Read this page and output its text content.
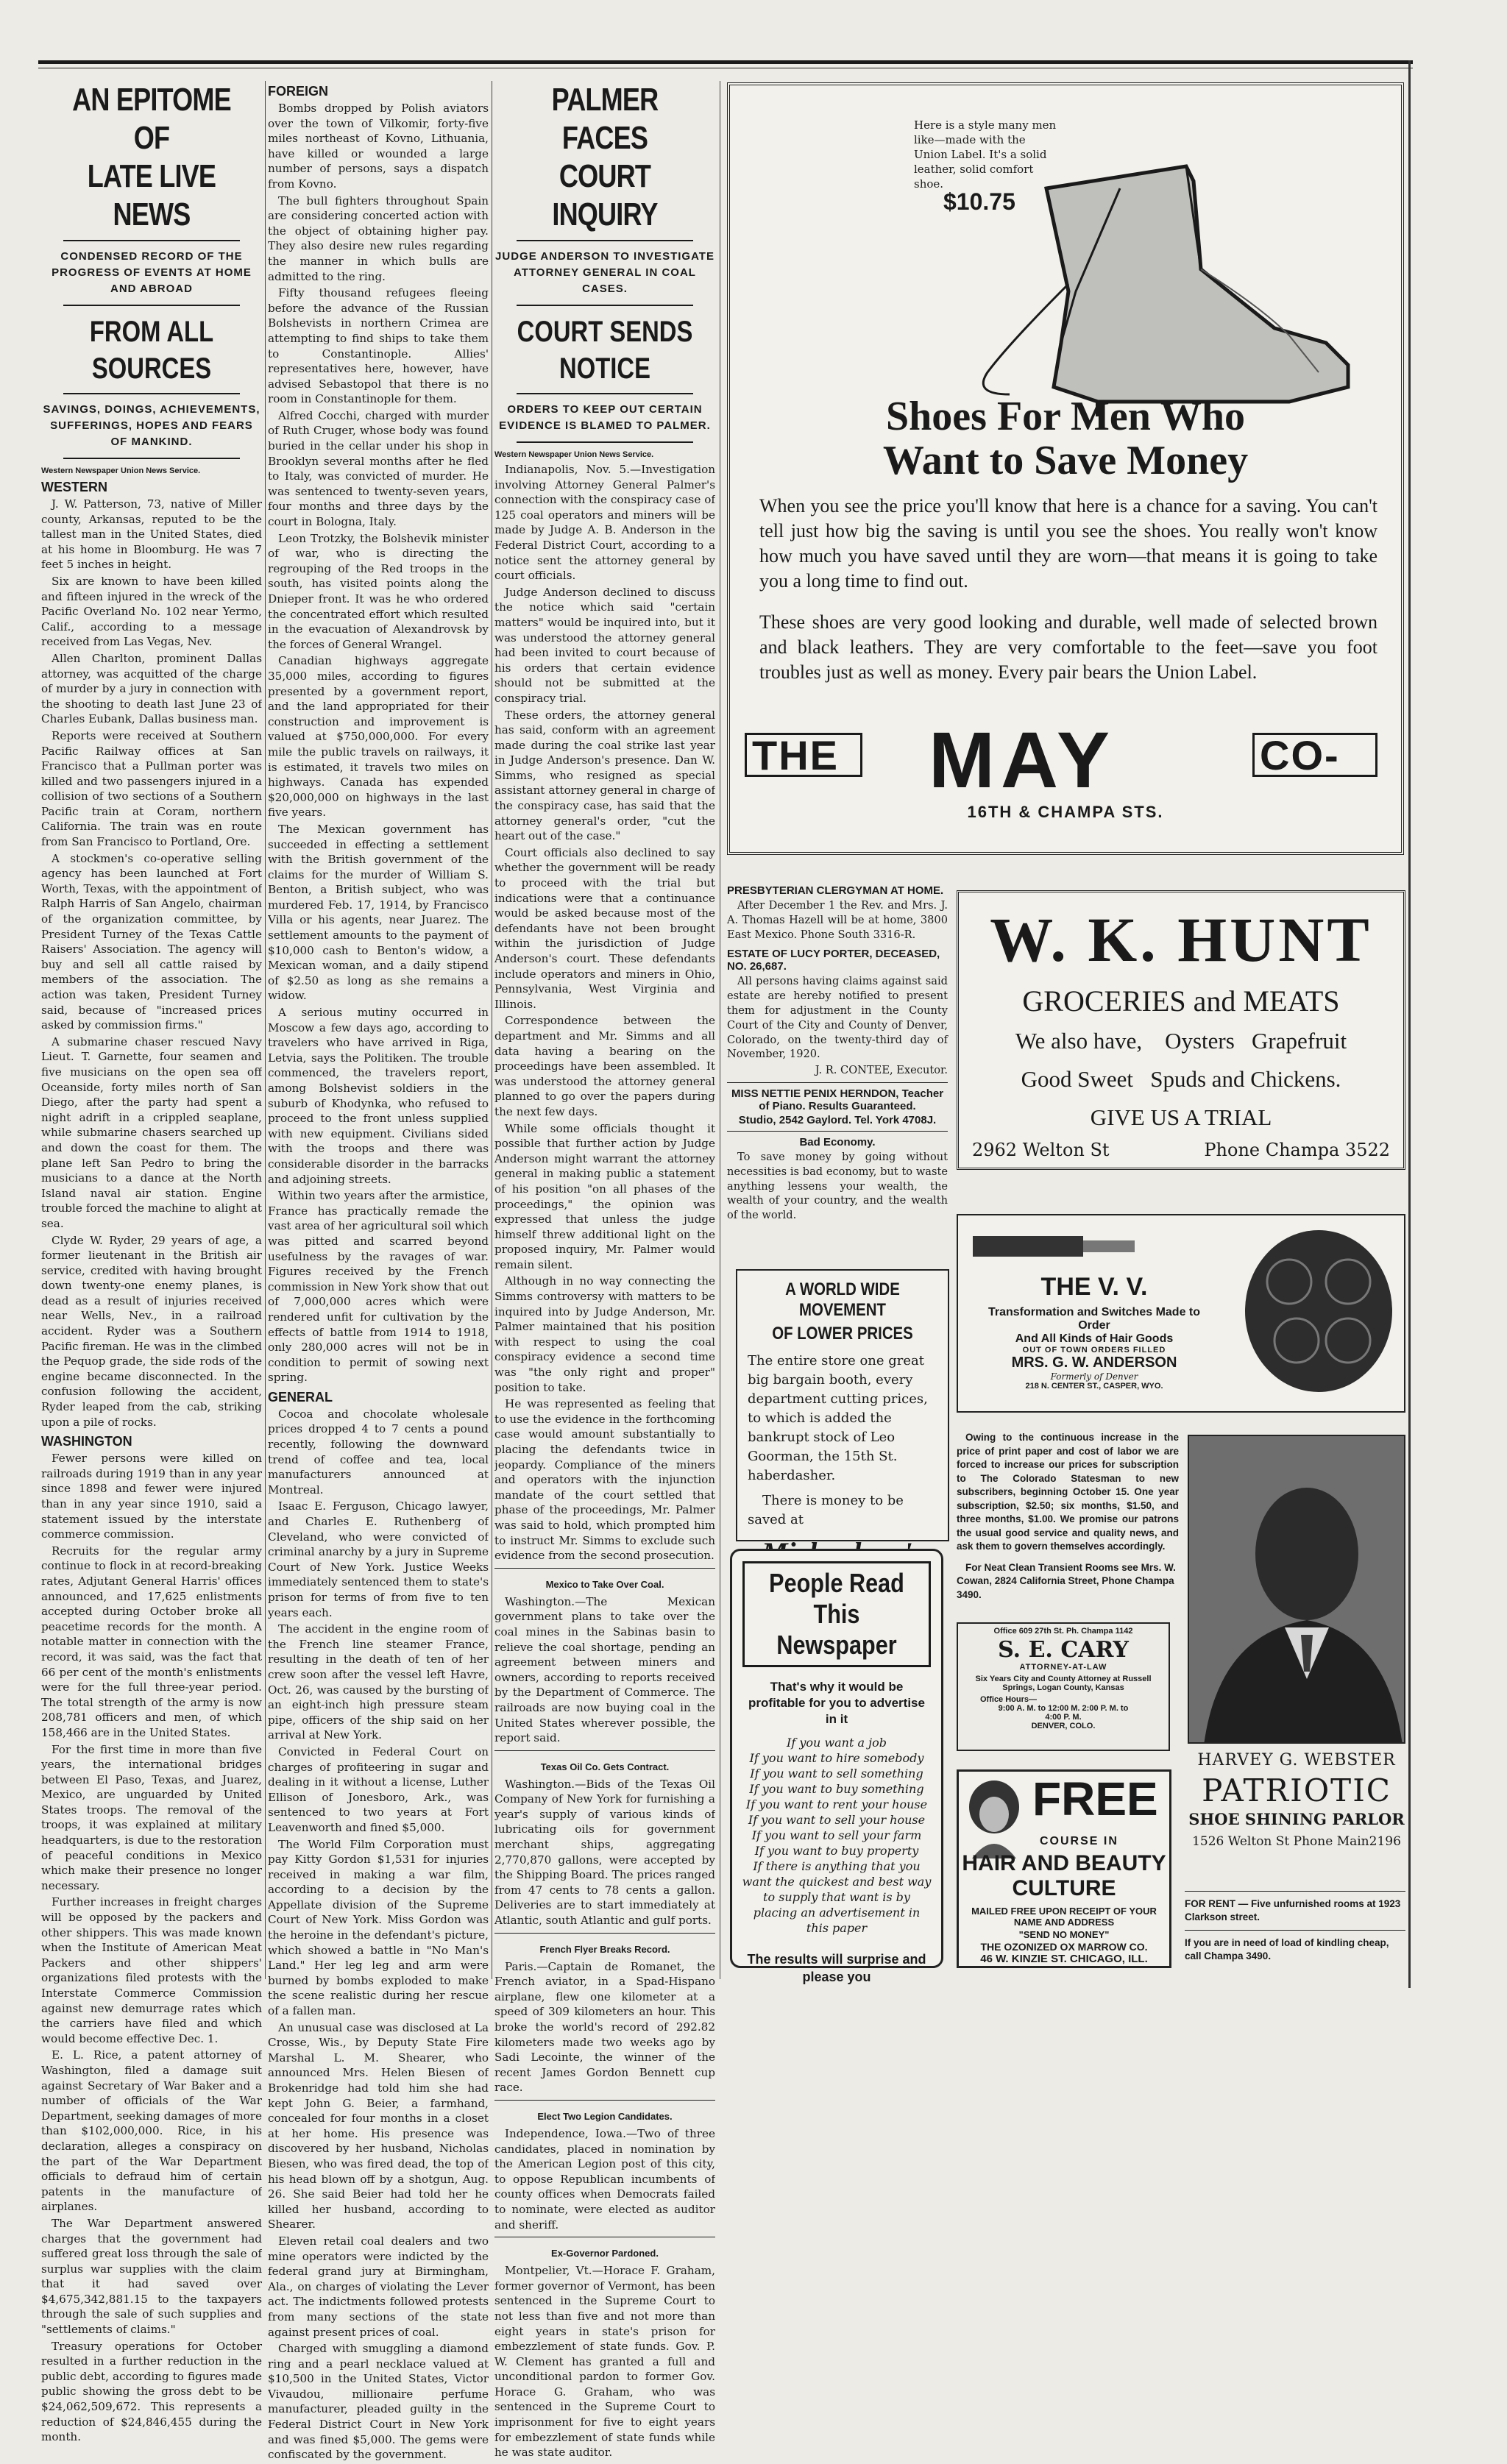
AN EPITOME OF

LATE LIVE NEWS

CONDENSED RECORD OF THE PROGRESS OF EVENTS AT HOME AND ABROAD

FROM ALL SOURCES

SAVINGS, DOINGS, ACHIEVEMENTS, SUFFERINGS, HOPES AND FEARS OF MANKIND.

Western Newspaper Union News Service.

WESTERN

J. W. Patterson, 73, native of Miller county, Arkansas, reputed to be the tallest man in the United States, died at his home in Bloomburg. He was 7 feet 5 inches in height.

Six are known to have been killed and fifteen injured in the wreck of the Pacific Overland No. 102 near Yermo, Calif., according to a message received from Las Vegas, Nev.

Allen Charlton, prominent Dallas attorney, was acquitted of the charge of murder by a jury in connection with the shooting to death last June 23 of Charles Eubank, Dallas business man.

Reports were received at Southern Pacific Railway offices at San Francisco that a Pullman porter was killed and two passengers injured in a collision of two sections of a Southern Pacific train at Coram, northern California. The train was en route from San Francisco to Portland, Ore.

A stockmen's co-operative selling agency has been launched at Fort Worth, Texas, with the appointment of Ralph Harris of San Angelo, chairman of the organization committee, by President Turney of the Texas Cattle Raisers' Association. The agency will buy and sell all cattle raised by members of the association. The action was taken, President Turney said, because of "increased prices asked by commission firms."

A submarine chaser rescued Navy Lieut. T. Garnette, four seamen and five musicians on the open sea off Oceanside, forty miles north of San Diego, after the party had spent a night adrift in a crippled seaplane, while submarine chasers searched up and down the coast for them. The plane left San Pedro to bring the musicians to a dance at the North Island naval air station. Engine trouble forced the machine to alight at sea.

Clyde W. Ryder, 29 years of age, a former lieutenant in the British air service, credited with having brought down twenty-one enemy planes, is dead as a result of injuries received near Wells, Nev., in a railroad accident. Ryder was a Southern Pacific fireman. He was in the climbed the Pequop grade, the side rods of the engine became disconnected. In the confusion following the accident, Ryder leaped from the cab, striking upon a pile of rocks.

WASHINGTON

Fewer persons were killed on railroads during 1919 than in any year since 1898 and fewer were injured than in any year since 1910, said a statement issued by the interstate commerce commission.

Recruits for the regular army continue to flock in at record-breaking rates, Adjutant General Harris' offices announced, and 17,625 enlistments accepted during October broke all peacetime records for the month. A notable matter in connection with the record, it was said, was the fact that 66 per cent of the month's enlistments were for the full three-year period. The total strength of the army is now 208,781 officers and men, of which 158,466 are in the United States.

For the first time in more than five years, the international bridges between El Paso, Texas, and Juarez, Mexico, are unguarded by United States troops. The removal of the troops, it was explained at military headquarters, is due to the restoration of peaceful conditions in Mexico which make their presence no longer necessary.

Further increases in freight charges will be opposed by the packers and other shippers. This was made known when the Institute of American Meat Packers and other shippers' organizations filed protests with the Interstate Commerce Commission against new demurrage rates which the carriers have filed and which would become effective Dec. 1.

E. L. Rice, a patent attorney of Washington, filed a damage suit against Secretary of War Baker and a number of officials of the War Department, seeking damages of more than $102,000,000. Rice, in his declaration, alleges a conspiracy on the part of the War Department officials to defraud him of certain patents in the manufacture of airplanes.

The War Department answered charges that the government had suffered great loss through the sale of surplus war supplies with the claim that it had saved over $4,675,342,881.15 to the taxpayers through the sale of such supplies and "settlements of claims."

Treasury operations for October resulted in a further reduction in the public debt, according to figures made public showing the gross debt to be $24,062,509,672. This represents a reduction of $24,846,455 during the month.

FOREIGN

Bombs dropped by Polish aviators over the town of Vilkomir, forty-five miles northeast of Kovno, Lithuania, have killed or wounded a large number of persons, says a dispatch from Kovno.

The bull fighters throughout Spain are considering concerted action with the object of obtaining higher pay. They also desire new rules regarding the manner in which bulls are admitted to the ring.

Fifty thousand refugees fleeing before the advance of the Russian Bolshevists in northern Crimea are attempting to find ships to take them to Constantinople. Allies' representatives here, however, have advised Sebastopol that there is no room in Constantinople for them.

Alfred Cocchi, charged with murder of Ruth Cruger, whose body was found buried in the cellar under his shop in Brooklyn several months after he fled to Italy, was convicted of murder. He was sentenced to twenty-seven years, four months and three days by the court in Bologna, Italy.

Leon Trotzky, the Bolshevik minister of war, who is directing the regrouping of the Red troops in the south, has visited points along the Dnieper front. It was he who ordered the concentrated effort which resulted in the evacuation of Alexandrovsk by the forces of General Wrangel.

Canadian highways aggregate 35,000 miles, according to figures presented by a government report, and the land appropriated for their construction and improvement is valued at $750,000,000. For every mile the public travels on railways, it is estimated, it travels two miles on highways. Canada has expended $20,000,000 on highways in the last five years.

The Mexican government has succeeded in effecting a settlement with the British government of the claims for the murder of William S. Benton, a British subject, who was murdered Feb. 17, 1914, by Francisco Villa or his agents, near Juarez. The settlement amounts to the payment of $10,000 cash to Benton's widow, a Mexican woman, and a daily stipend of $2.50 as long as she remains a widow.

A serious mutiny occurred in Moscow a few days ago, according to travelers who have arrived in Riga, Letvia, says the Politiken. The trouble commenced, the travelers report, among Bolshevist soldiers in the suburb of Khodynka, who refused to proceed to the front unless supplied with new equipment. Civilians sided with the troops and there was considerable disorder in the barracks and adjoining streets.

Within two years after the armistice, France has practically remade the vast area of her agricultural soil which was pitted and scarred beyond usefulness by the ravages of war. Figures received by the French commission in New York show that out of 7,000,000 acres which were rendered unfit for cultivation by the effects of battle from 1914 to 1918, only 280,000 acres will not be in condition to permit of sowing next spring.

GENERAL

Cocoa and chocolate wholesale prices dropped 4 to 7 cents a pound recently, following the downward trend of coffee and tea, local manufacturers announced at Montreal.

Isaac E. Ferguson, Chicago lawyer, and Charles E. Ruthenberg of Cleveland, who were convicted of criminal anarchy by a jury in Supreme Court of New York. Justice Weeks immediately sentenced them to state's prison for terms of from five to ten years each.

The accident in the engine room of the French line steamer France, resulting in the death of ten of her crew soon after the vessel left Havre, Oct. 26, was caused by the bursting of an eight-inch high pressure steam pipe, officers of the ship said on her arrival at New York.

Convicted in Federal Court on charges of profiteering in sugar and dealing in it without a license, Luther Ellison of Jonesboro, Ark., was sentenced to two years at Fort Leavenworth and fined $5,000.

The World Film Corporation must pay Kitty Gordon $1,531 for injuries received in making a war film, according to a decision by the Appellate division of the Supreme Court of New York. Miss Gordon was the heroine in the defendant's picture, which showed a battle in "No Man's Land." Her leg leg and arm were burned by bombs exploded to make the scene realistic during her rescue of a fallen man.

An unusual case was disclosed at La Crosse, Wis., by Deputy State Fire Marshal L. M. Shearer, who announced Mrs. Helen Biesen of Brokenridge had told him she had kept John G. Beier, a farmhand, concealed for four months in a closet at her home. His presence was discovered by her husband, Nicholas Biesen, who was fired dead, the top of his head blown off by a shotgun, Aug. 26. She said Beier had told her he killed her husband, according to Shearer.

Eleven retail coal dealers and two mine operators were indicted by the federal grand jury at Birmingham, Ala., on charges of violating the Lever act. The indictments followed protests from many sections of the state against present prices of coal.

Charged with smuggling a diamond ring and a pearl necklace valued at $10,500 in the United States, Victor Vivaudou, millionaire perfume manufacturer, pleaded guilty in the Federal District Court in New York and was fined $5,000. The gems were confiscated by the government.

PALMER FACES

COURT INQUIRY

JUDGE ANDERSON TO INVESTIGATE ATTORNEY GENERAL IN COAL CASES.

COURT SENDS NOTICE

ORDERS TO KEEP OUT CERTAIN EVIDENCE IS BLAMED TO PALMER.

Western Newspaper Union News Service.

Indianapolis, Nov. 5.—Investigation involving Attorney General Palmer's connection with the conspiracy case of 125 coal operators and miners will be made by Judge A. B. Anderson in the Federal District Court, according to a notice sent the attorney general by court officials.

Judge Anderson declined to discuss the notice which said "certain matters" would be inquired into, but it was understood the attorney general had been invited to court because of his orders that certain evidence should not be submitted at the conspiracy trial.

These orders, the attorney general has said, conform with an agreement made during the coal strike last year in Judge Anderson's presence. Dan W. Simms, who resigned as special assistant attorney general in charge of the conspiracy case, has said that the attorney general's order, "cut the heart out of the case."

Court officials also declined to say whether the government will be ready to proceed with the trial but indications were that a continuance would be asked because most of the defendants have not been brought within the jurisdiction of Judge Anderson's court. These defendants include operators and miners in Ohio, Pennsylvania, West Virginia and Illinois.

Correspondence between the department and Mr. Simms and all data having a bearing on the proceedings have been assembled. It was understood the attorney general planned to go over the papers during the next few days.

While some officials thought it possible that further action by Judge Anderson might warrant the attorney general in making public a statement of his position "on all phases of the proceedings," the opinion was expressed that unless the judge himself threw additional light on the proposed inquiry, Mr. Palmer would remain silent.

Although in no way connecting the Simms controversy with matters to be inquired into by Judge Anderson, Mr. Palmer maintained that his position with respect to using the coal conspiracy evidence a second time was "the only right and proper" position to take.

He was represented as feeling that to use the evidence in the forthcoming case would amount substantially to placing the defendants twice in jeopardy. Compliance of the miners and operators with the injunction mandate of the court settled that phase of the proceedings, Mr. Palmer was said to hold, which prompted him to instruct Mr. Simms to exclude such evidence from the second prosecution.

Mexico to Take Over Coal.

Washington.—The Mexican government plans to take over the coal mines in the Sabinas basin to relieve the coal shortage, pending an agreement between miners and owners, according to reports received by the Department of Commerce. The railroads are now buying coal in the United States wherever possible, the report said.

Texas Oil Co. Gets Contract.

Washington.—Bids of the Texas Oil Company of New York for furnishing a year's supply of various kinds of lubricating oils for government merchant ships, aggregating 2,770,870 gallons, were accepted by the Shipping Board. The prices ranged from 47 cents to 78 cents a gallon. Deliveries are to start immediately at Atlantic, south Atlantic and gulf ports.

French Flyer Breaks Record.

Paris.—Captain de Romanet, the French aviator, in a Spad-Hispano airplane, flew one kilometer at a speed of 309 kilometers an hour. This broke the world's record of 292.82 kilometers made two weeks ago by Sadi Lecointe, the winner of the recent James Gordon Bennett cup race.

Elect Two Legion Candidates.

Independence, Iowa.—Two of three candidates, placed in nomination by the American Legion post of this city, to oppose Republican incumbents of county offices when Democrats failed to nominate, were elected as auditor and sheriff.

Ex-Governor Pardoned.

Montpelier, Vt.—Horace F. Graham, former governor of Vermont, has been sentenced in the Supreme Court to not less than five and not more than eight years in state's prison for embezzlement of state funds. Gov. P. W. Clement has granted a full and unconditional pardon to former Gov. Horace G. Graham, who was sentenced in the Supreme Court to imprisonment for five to eight years for embezzlement of state funds while he was state auditor.

Here is a style many men like—made with the Union Label. It's a solid leather, solid comfort shoe.
$10.75
Shoes For Men Who Want to Save Money

When you see the price you'll know that here is a chance for a saving. You can't tell just how big the saving is until you see the shoes. You really won't know how much you have saved until they are worn—that means it is going to take you a long time to find out.

These shoes are very good looking and durable, well made of selected brown and black leathers. They are very comfortable to the feet—save you foot troubles just as well as money. Every pair bears the Union Label.

THE MAY	CO-
16TH & CHAMPA STS.

PRESBYTERIAN CLERGYMAN AT HOME.

After December 1 the Rev. and Mrs. J. A. Thomas Hazell will be at home, 3800 East Mexico. Phone South 3316-R.

ESTATE OF LUCY PORTER, DECEASED, NO. 26,687.

All persons having claims against said estate are hereby notified to present them for adjustment in the County Court of the City and County of Denver, Colorado, on the twenty-third day of November, 1920.

J. R. CONTEE, Executor.

MISS NETTIE PENIX HERNDON, Teacher of Piano. Results Guaranteed.

Studio, 2542 Gaylord. Tel. York 4708J.

Bad Economy.

To save money by going without necessities is bad economy, but to waste anything lessens your wealth, the wealth of your country, and the wealth of the world.

A WORLD WIDE MOVEMENT

OF LOWER PRICES

The entire store one great big bargain booth, every department cutting prices, to which is added the bankrupt stock of Leo Goorman, the 15th St. haberdasher.

There is money to be saved at

People Read

This Newspaper

That's why it would be profitable for you to advertise in it

If you want a job
If you want to hire somebody
If you want to sell something
If you want to buy something
If you want to rent your house
If you want to sell your house
If you want to sell your farm
If you want to buy property
If there is anything that you want the quickest and best way to supply that want is by placing an advertisement in this paper

The results will surprise and please you

W. K. HUNT
GROCERIES and MEATS
We also have,    Oysters   Grapefruit
Good Sweet   Spuds and Chickens.
GIVE US A TRIAL
2962 Welton St	Phone Champa 3522
THE V. V.
Transformation and Switches Made to Order
And All Kinds of Hair Goods
OUT OF TOWN ORDERS FILLED
MRS. G. W. ANDERSON
Formerly of Denver
218 N. CENTER ST., CASPER, WYO.

Owing to the continuous increase in the price of print paper and cost of labor we are forced to increase our prices for subscription to The Colorado Statesman to new subscribers, beginning October 15. One year subscription, $2.50; six months, $1.50, and three months, $1.00. We promise our patrons the usual good service and quality news, and ask them to govern themselves accordingly.

For Neat Clean Transient Rooms see Mrs. W. Cowan, 2824 California Street, Phone Champa 3490.

Office 609 27th St. Ph. Champa 1142
S. E. CARY
ATTORNEY-AT-LAW
Six Years City and County Attorney at Russell Springs, Logan County, Kansas
Office Hours—
9:00 A. M. to 12:00 M. 2:00 P. M. to 4:00 P. M.
DENVER, COLO.
FREE
COURSE IN
HAIR AND BEAUTY
CULTURE
MAILED FREE UPON RECEIPT OF YOUR NAME AND ADDRESS
"SEND NO MONEY"
THE OZONIZED OX MARROW CO.
46 W. KINZIE ST. CHICAGO, ILL.
HARVEY G. WEBSTER
PATRIOTIC
SHOE SHINING PARLOR
1526 Welton St Phone Main2196

FOR RENT — Five unfurnished rooms at 1923 Clarkson street.

If you are in need of load of kindling cheap, call Champa 3490.
